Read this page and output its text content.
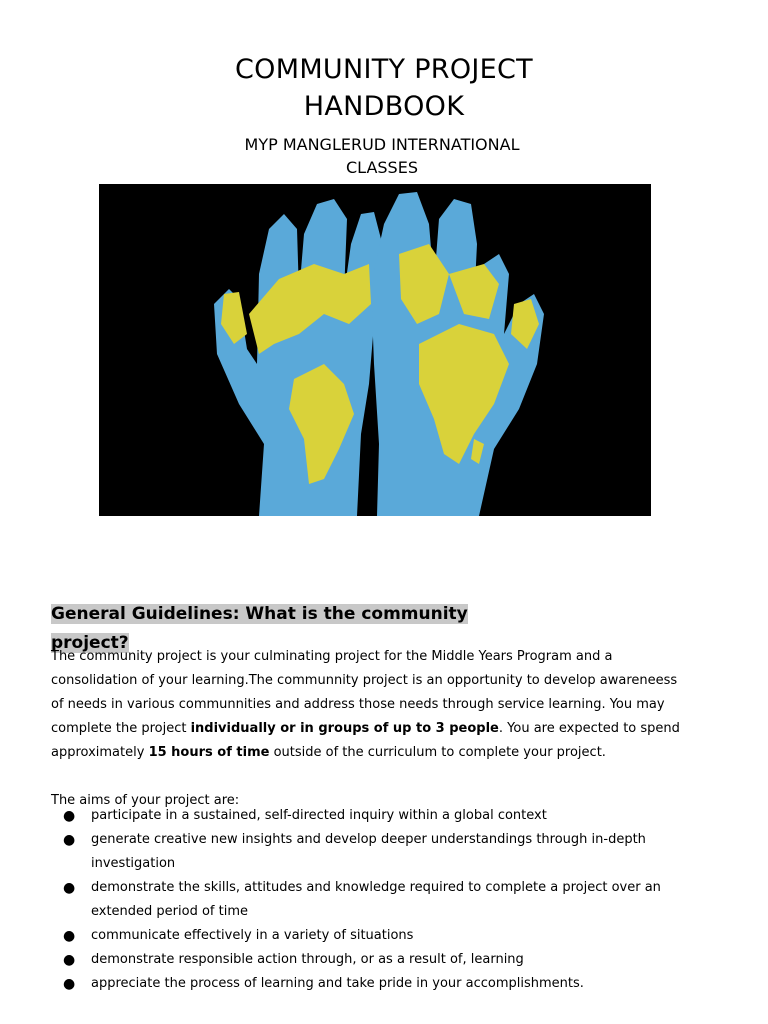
COMMUNITY PROJECT
HANDBOOK
MYP MANGLERUD INTERNATIONAL
CLASSES
General Guidelines: What is the community project?
The community project is your culminating project for the Middle Years Program and a consolidation of your learning.The communnity project is an opportunity to develop awareneess of needs in various communnities and address those needs through service learning. You may complete the project individually or in groups of up to 3 people. You are expected to spend approximately 15 hours of time outside of the curriculum to complete your project.
The aims of your project are:
● participate in a sustained, self-directed inquiry within a global context
● generate creative new insights and develop deeper understandings through in-depth investigation
● demonstrate the skills, attitudes and knowledge required to complete a project over an extended period of time
● communicate effectively in a variety of situations
● demonstrate responsible action through, or as a result of, learning
● appreciate the process of learning and take pride in your accomplishments.
